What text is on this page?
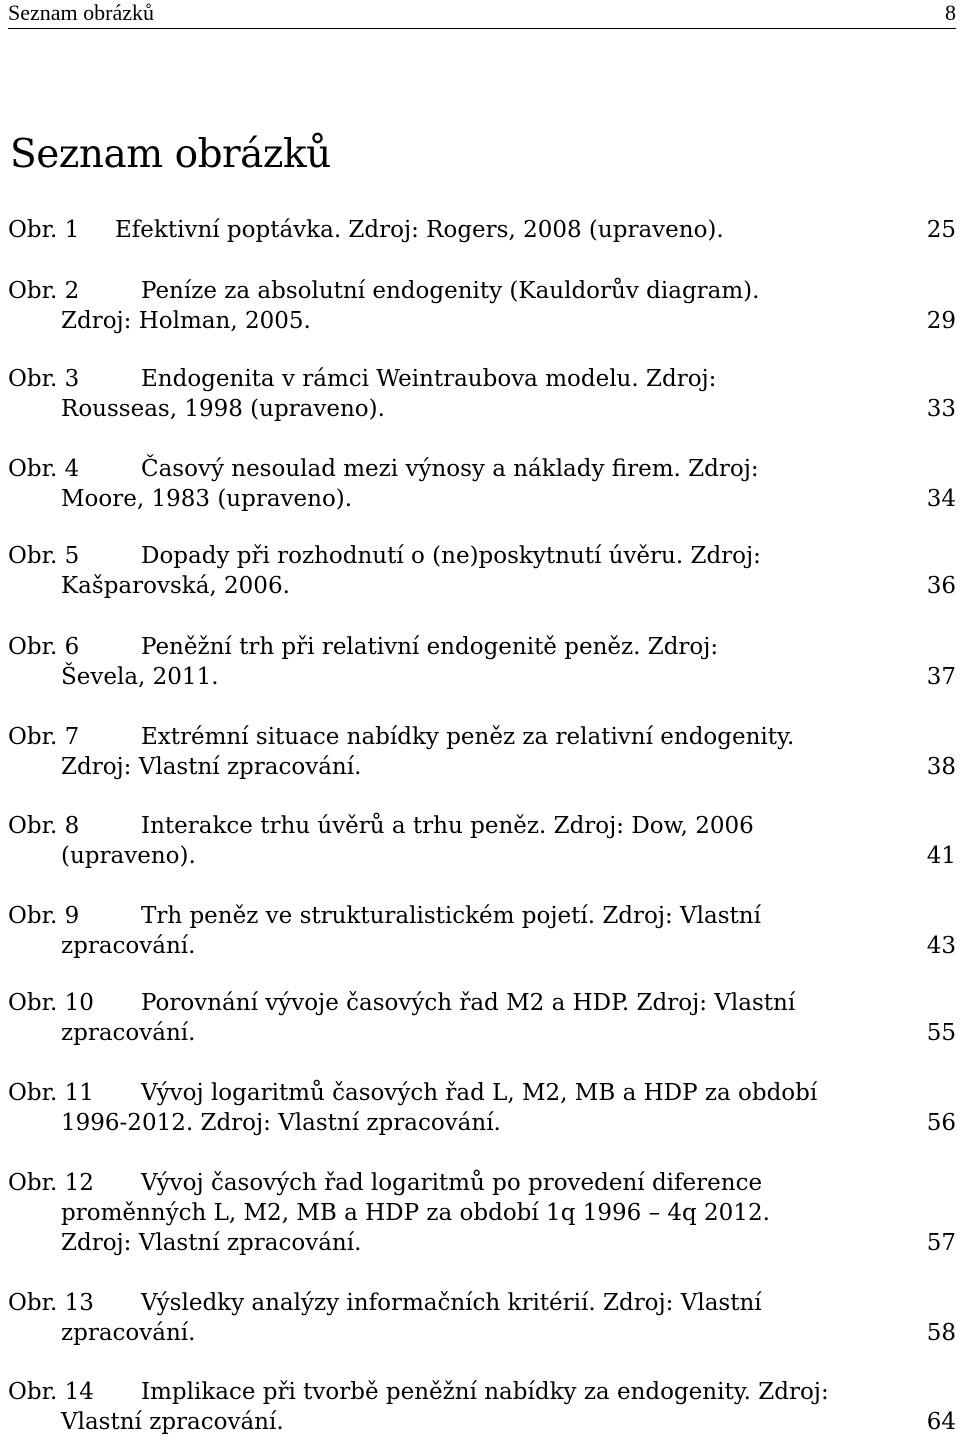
Seznam obrázků	8
Seznam obrázků
Obr. 1 Efektivní poptávka. Zdroj: Rogers, 2008 (upraveno).	25
Obr. 2	Peníze za absolutní endogenity (Kauldorův diagram).
Zdroj: Holman, 2005.	29
Obr. 3	Endogenita v rámci Weintraubova modelu. Zdroj:
Rousseas, 1998 (upraveno).	33
Obr. 4	Časový nesoulad mezi výnosy a náklady firem. Zdroj:
Moore, 1983 (upraveno).	34
Obr. 5	Dopady při rozhodnutí o (ne)poskytnutí úvěru. Zdroj:
Kašparovská, 2006.	36
Obr. 6	Peněžní trh při relativní endogenitě peněz. Zdroj:
Ševela, 2011.	37
Obr. 7	Extrémní situace nabídky peněz za relativní endogenity.
Zdroj: Vlastní zpracování.	38
Obr. 8	Interakce trhu úvěrů a trhu peněz. Zdroj: Dow, 2006
(upraveno).	41
Obr. 9	Trh peněz ve strukturalistickém pojetí. Zdroj: Vlastní
zpracování.	43
Obr. 10 Porovnání vývoje časových řad M2 a HDP. Zdroj: Vlastní
zpracování.	55
Obr. 11 Vývoj logaritmů časových řad L, M2, MB a HDP za období
1996-2012. Zdroj: Vlastní zpracování.	56
Obr. 12 Vývoj časových řad logaritmů po provedení diference
proměnných L, M2, MB a HDP za období 1q 1996 – 4q 2012.
Zdroj: Vlastní zpracování.	57
Obr. 13 Výsledky analýzy informačních kritérií. Zdroj: Vlastní
zpracování.	58
Obr. 14 Implikace při tvorbě peněžní nabídky za endogenity. Zdroj:
Vlastní zpracování.	64
